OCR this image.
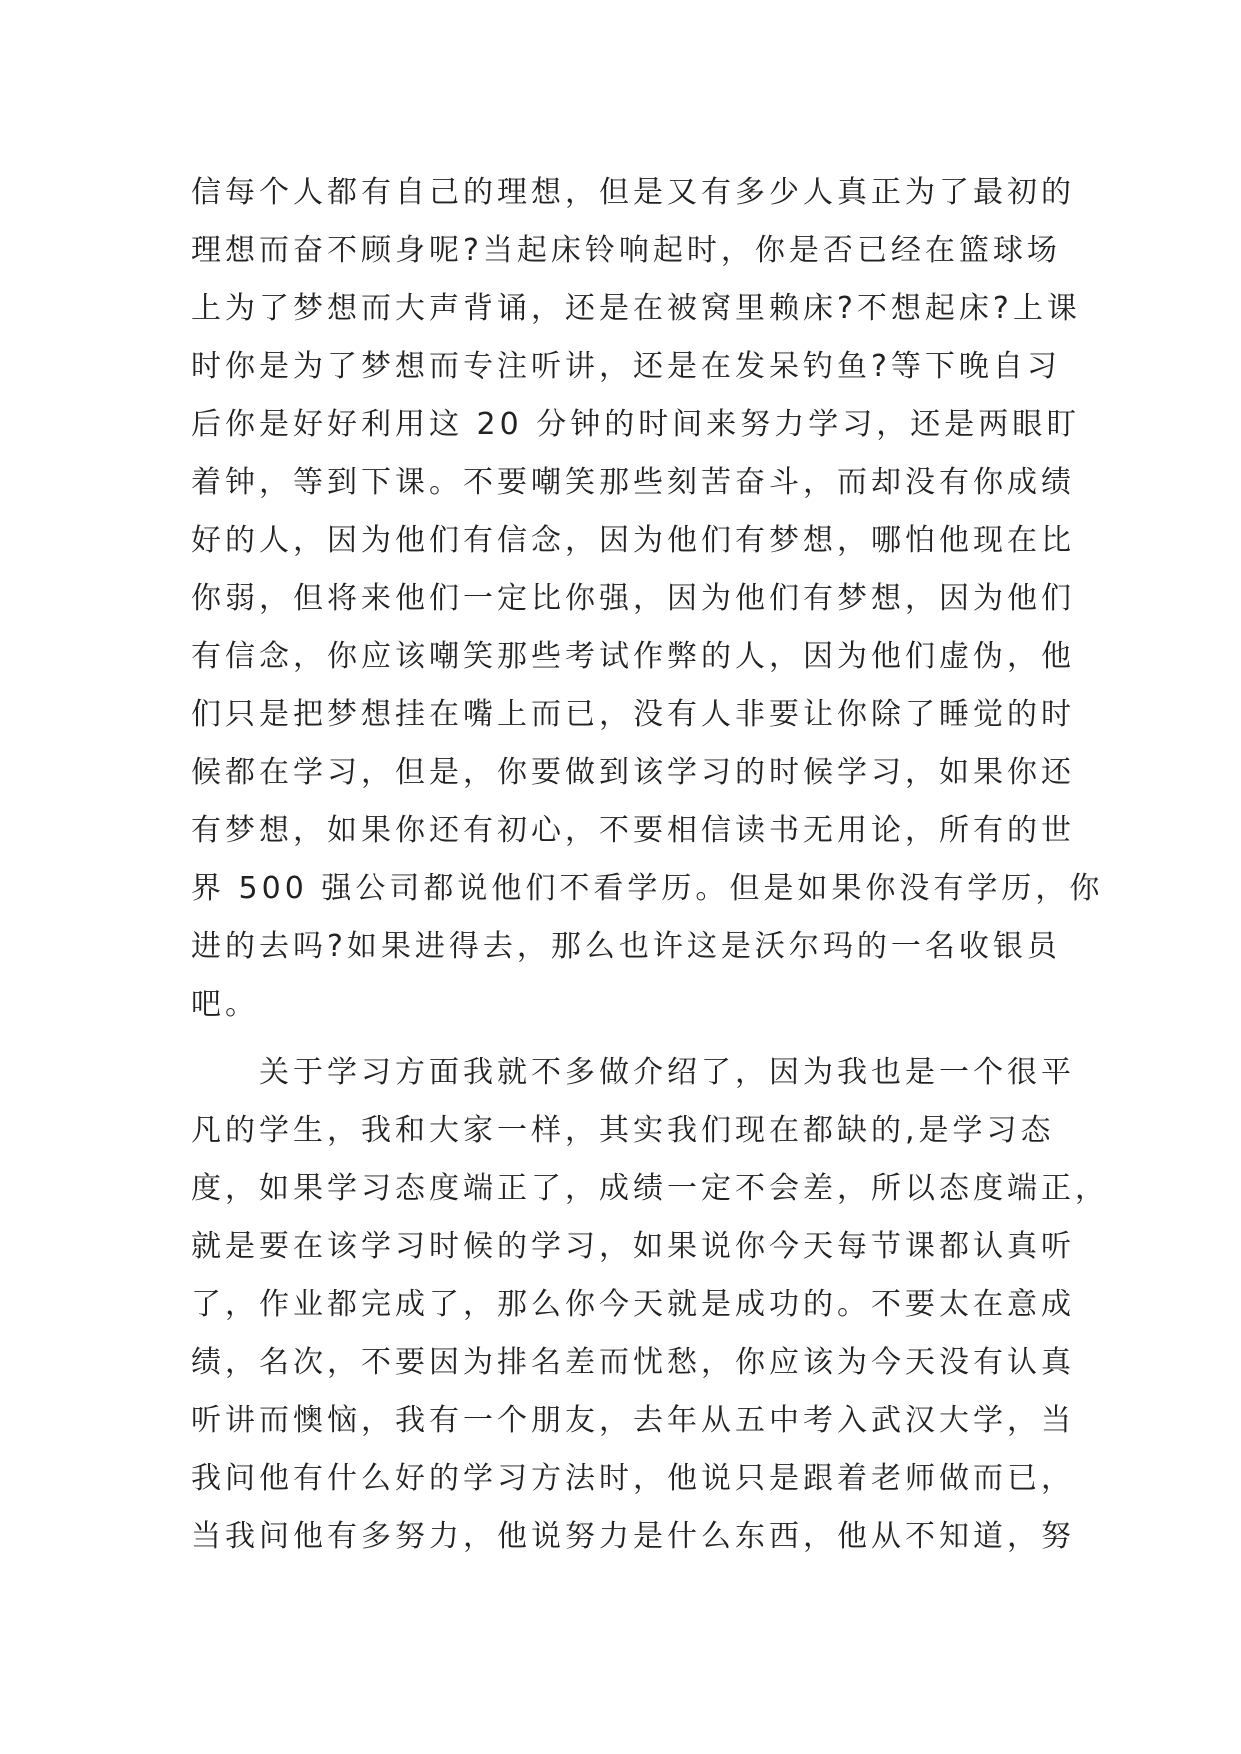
信每个人都有自己的理想，但是又有多少人真正为了最初的
理想而奋不顾身呢?当起床铃响起时，你是否已经在篮球场
上为了梦想而大声背诵，还是在被窝里赖床?不想起床?上课
时你是为了梦想而专注听讲，还是在发呆钓鱼?等下晚自习
后你是好好利用这 20 分钟的时间来努力学习，还是两眼盯
着钟，等到下课。不要嘲笑那些刻苦奋斗，而却没有你成绩
好的人，因为他们有信念，因为他们有梦想，哪怕他现在比
你弱，但将来他们一定比你强，因为他们有梦想，因为他们
有信念，你应该嘲笑那些考试作弊的人，因为他们虚伪，他
们只是把梦想挂在嘴上而已，没有人非要让你除了睡觉的时
候都在学习，但是，你要做到该学习的时候学习，如果你还
有梦想，如果你还有初心，不要相信读书无用论，所有的世
界 500 强公司都说他们不看学历。但是如果你没有学历，你
进的去吗?如果进得去，那么也许这是沃尔玛的一名收银员
吧。
关于学习方面我就不多做介绍了，因为我也是一个很平
凡的学生，我和大家一样，其实我们现在都缺的,是学习态
度，如果学习态度端正了，成绩一定不会差，所以态度端正，
就是要在该学习时候的学习，如果说你今天每节课都认真听
了，作业都完成了，那么你今天就是成功的。不要太在意成
绩，名次，不要因为排名差而忧愁，你应该为今天没有认真
听讲而懊恼，我有一个朋友，去年从五中考入武汉大学，当
我问他有什么好的学习方法时，他说只是跟着老师做而已，
当我问他有多努力，他说努力是什么东西，他从不知道，努
